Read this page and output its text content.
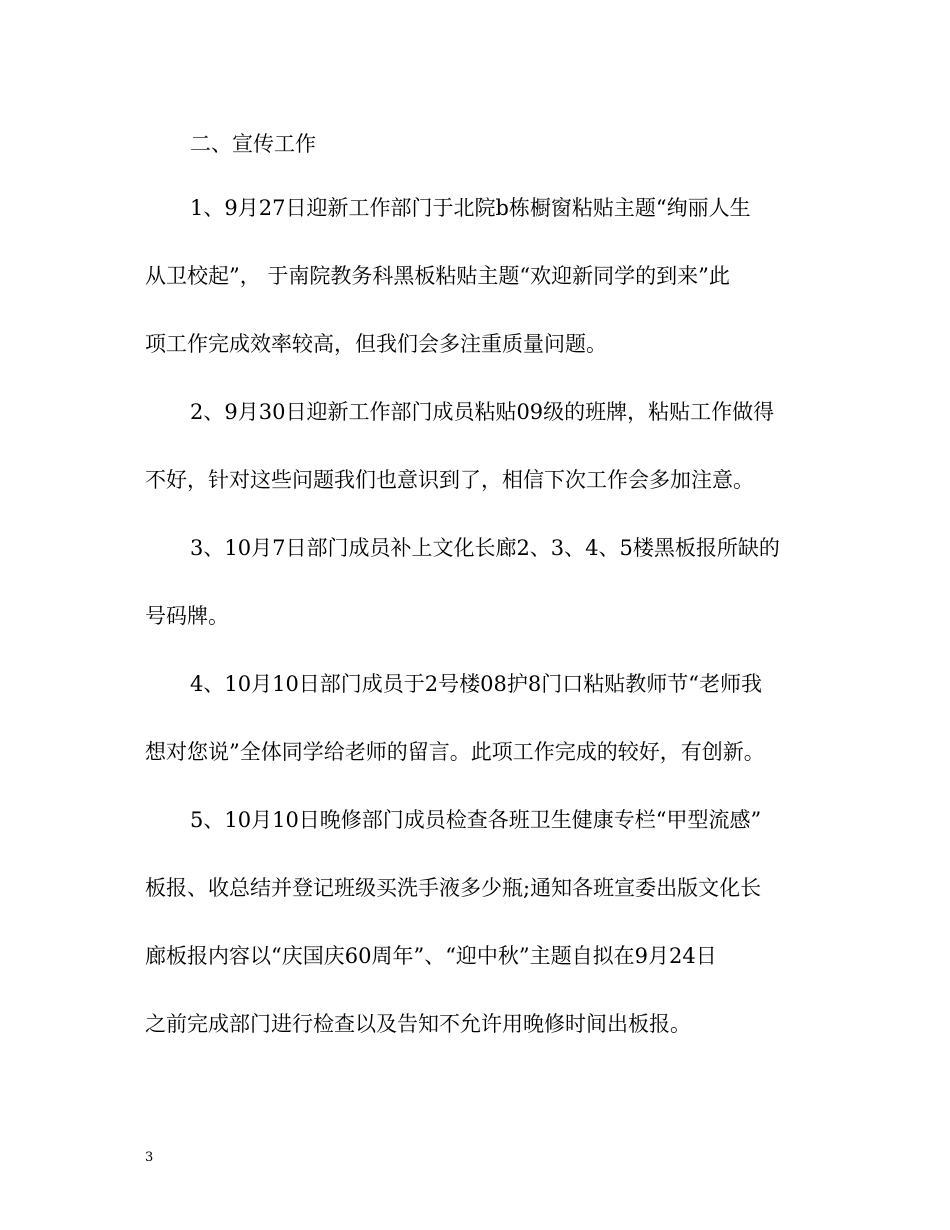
二、宣传工作
1、9月27日迎新工作部门于北院b栋橱窗粘贴主题“绚丽人生
从卫校起”， 于南院教务科黑板粘贴主题“欢迎新同学的到来”此
项工作完成效率较高，但我们会多注重质量问题。
2、9月30日迎新工作部门成员粘贴09级的班牌，粘贴工作做得
不好，针对这些问题我们也意识到了，相信下次工作会多加注意。
3、10月7日部门成员补上文化长廊2、3、4、5楼黑板报所缺的
号码牌。
4、10月10日部门成员于2号楼08护8门口粘贴教师节“老师我
想对您说”全体同学给老师的留言。此项工作完成的较好，有创新。
5、10月10日晚修部门成员检查各班卫生健康专栏“甲型流感”
板报、收总结并登记班级买洗手液多少瓶;通知各班宣委出版文化长
廊板报内容以“庆国庆60周年”、“迎中秋”主题自拟在9月24日
之前完成部门进行检查以及告知不允许用晚修时间出板报。
3
